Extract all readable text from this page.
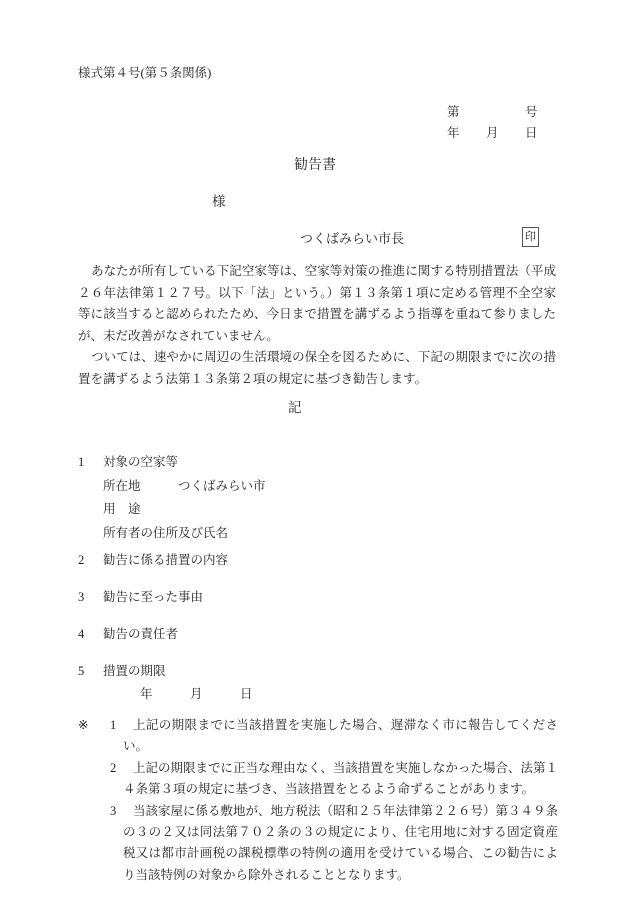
様式第４号(第５条関係)
第　　　　　号
年　　月　　日
勧告書
様
つくばみらい市長	印

あなたが所有している下記空家等は、空家等対策の推進に関する特別措置法（平成２６年法律第１２７号。以下「法」という。）第１３条第１項に定める管理不全空家等に該当すると認められたため、今日まで措置を講ずるよう指導を重ねて参りましたが、未だ改善がなされていません。

ついては、速やかに周辺の生活環境の保全を図るために、下記の期限までに次の措置を講ずるよう法第１３条第２項の規定に基づき勧告します。

記
1	対象の空家等
所在地	つくばみらい市
用　途
所有者の住所及び氏名
2	勧告に係る措置の内容
3	勧告に至った事由
4	勧告の責任者
5	措置の期限
年　　　月　　　日
※	1	上記の期限までに当該措置を実施した場合、遅滞なく市に報告してください。

2	上記の期限までに正当な理由なく、当該措置を実施しなかった場合、法第１４条第３項の規定に基づき、当該措置をとるよう命ずることがあります。

3	当該家屋に係る敷地が、地方税法（昭和２５年法律第２２６号）第３４９条の３の２又は同法第７０２条の３の規定により、住宅用地に対する固定資産税又は都市計画税の課税標準の特例の適用を受けている場合、この勧告により当該特例の対象から除外されることとなります。
